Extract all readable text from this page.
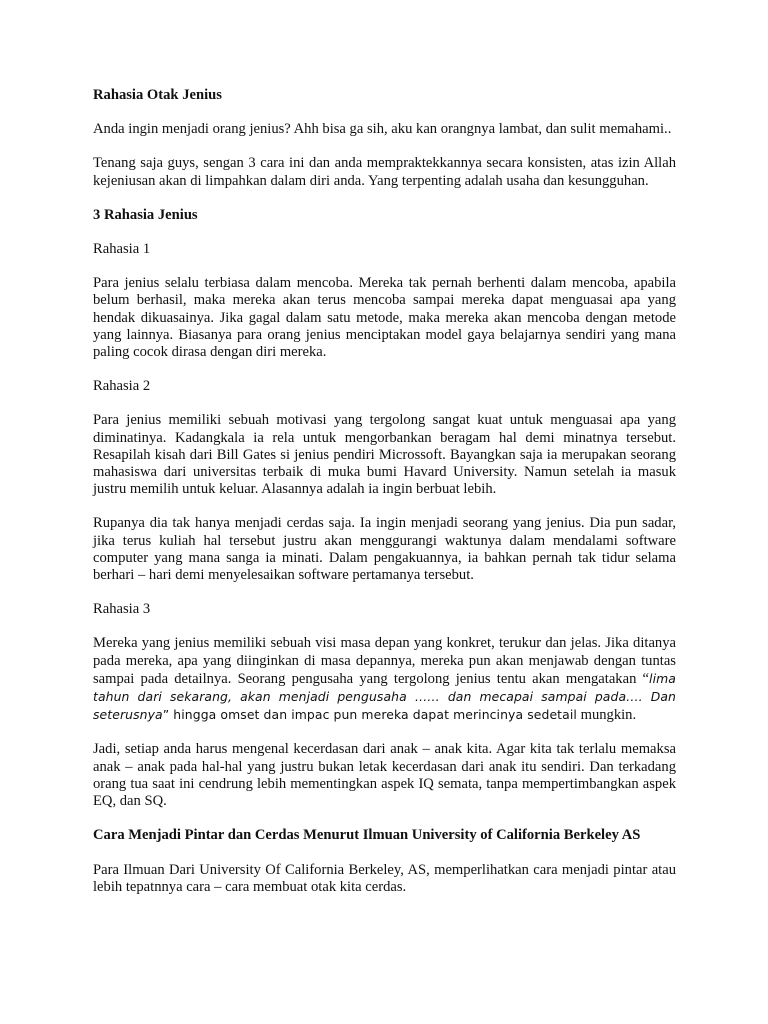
Rahasia Otak Jenius
Anda ingin menjadi orang jenius? Ahh bisa ga sih, aku kan orangnya lambat, dan sulit memahami..
Tenang saja guys, sengan 3 cara ini dan anda mempraktekkannya secara konsisten, atas izin Allah kejeniusan akan di limpahkan dalam diri anda. Yang terpenting adalah usaha dan kesungguhan.
3 Rahasia Jenius
Rahasia 1
Para jenius selalu terbiasa dalam mencoba. Mereka tak pernah berhenti dalam mencoba, apabila belum berhasil, maka mereka akan terus mencoba sampai mereka dapat menguasai apa yang hendak dikuasainya. Jika gagal dalam satu metode, maka mereka akan mencoba dengan metode yang lainnya. Biasanya para orang jenius menciptakan model gaya belajarnya sendiri yang mana paling cocok dirasa dengan diri mereka.
Rahasia 2
Para jenius memiliki sebuah motivasi yang tergolong sangat kuat untuk menguasai apa yang diminatinya. Kadangkala ia rela untuk mengorbankan beragam hal demi minatnya tersebut. Resapilah kisah dari Bill Gates si jenius pendiri Microssoft. Bayangkan saja ia merupakan seorang mahasiswa dari universitas terbaik di muka bumi Havard University. Namun setelah ia masuk justru memilih untuk keluar. Alasannya adalah ia ingin berbuat lebih.
Rupanya dia tak hanya menjadi cerdas saja. Ia ingin menjadi seorang yang jenius. Dia pun sadar, jika terus kuliah hal tersebut justru akan menggurangi waktunya dalam mendalami software computer yang mana sanga ia minati. Dalam pengakuannya, ia bahkan pernah tak tidur selama berhari – hari demi menyelesaikan software pertamanya tersebut.
Rahasia 3
Mereka yang jenius memiliki sebuah visi masa depan yang konkret, terukur dan jelas. Jika ditanya pada mereka, apa yang diinginkan di masa depannya, mereka pun akan menjawab dengan tuntas sampai pada detailnya. Seorang pengusaha yang tergolong jenius tentu akan mengatakan “lima tahun dari sekarang, akan menjadi pengusaha …… dan mecapai sampai pada…. Dan seterusnya” hingga omset dan impac pun mereka dapat merincinya sedetail mungkin.
Jadi, setiap anda harus mengenal kecerdasan dari anak – anak kita. Agar kita tak terlalu memaksa anak – anak pada hal-hal yang justru bukan letak kecerdasan dari anak itu sendiri. Dan terkadang orang tua saat ini cendrung lebih mementingkan aspek IQ semata, tanpa mempertimbangkan aspek EQ, dan SQ.
Cara Menjadi Pintar dan Cerdas Menurut Ilmuan University of California Berkeley AS
Para Ilmuan Dari University Of California Berkeley, AS, memperlihatkan cara menjadi pintar atau lebih tepatnnya cara – cara membuat otak kita cerdas.
